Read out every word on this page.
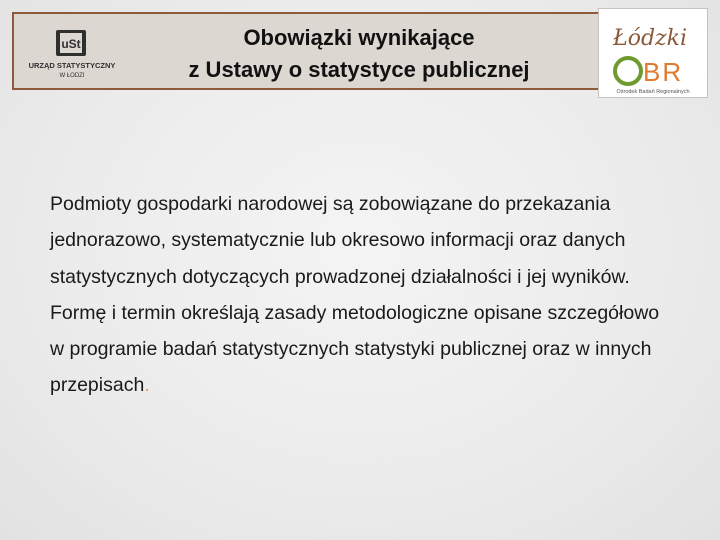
uSt
URZĄD STATYSTYCZNY
W ŁODZI
Obowiązki wynikające
z Ustawy o statystyce publicznej
Łódzki
BR
Ośrodek Badań Regionalnych
Podmioty gospodarki narodowej są zobowiązane do przekazania jednorazowo, systematycznie lub okresowo informacji oraz danych statystycznych dotyczących prowadzonej działalności i jej wyników. Formę i termin określają zasady metodologiczne opisane szczegółowo w programie badań statystycznych statystyki publicznej oraz w innych przepisach.
